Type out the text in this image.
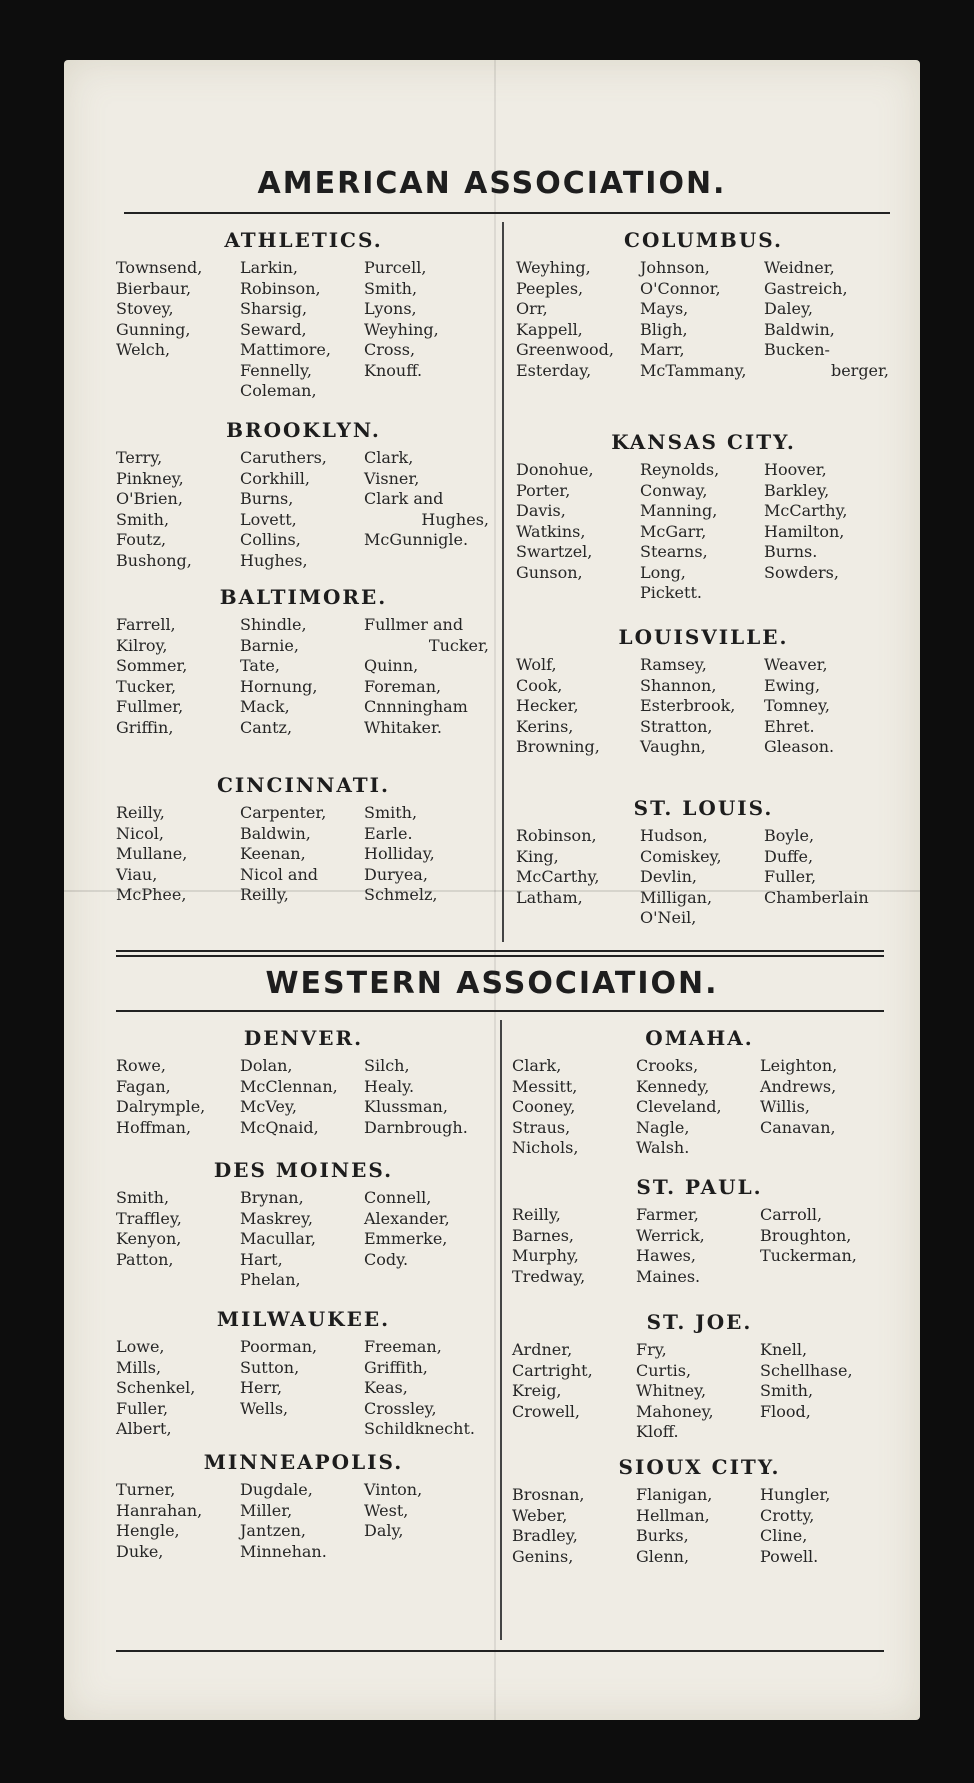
AMERICAN ASSOCIATION.
WESTERN ASSOCIATION.
ATHLETICS.
Townsend,
Bierbaur,
Stovey,
Gunning,
Welch,
Larkin,
Robinson,
Sharsig,
Seward,
Mattimore,
Fennelly,
Coleman,
Purcell,
Smith,
Lyons,
Weyhing,
Cross,
Knouff.
BROOKLYN.
Terry,
Pinkney,
O'Brien,
Smith,
Foutz,
Bushong,
Caruthers,
Corkhill,
Burns,
Lovett,
Collins,
Hughes,
Clark,
Visner,
Clark and
Hughes,
McGunnigle.
BALTIMORE.
Farrell,
Kilroy,
Sommer,
Tucker,
Fullmer,
Griffin,
Shindle,
Barnie,
Tate,
Hornung,
Mack,
Cantz,
Fullmer and
Tucker,
Quinn,
Foreman,
Cnnningham
Whitaker.
CINCINNATI.
Reilly,
Nicol,
Mullane,
Viau,
McPhee,
Carpenter,
Baldwin,
Keenan,
Nicol and
Reilly,
Smith,
Earle.
Holliday,
Duryea,
Schmelz,
COLUMBUS.
Weyhing,
Peeples,
Orr,
Kappell,
Greenwood,
Esterday,
Johnson,
O'Connor,
Mays,
Bligh,
Marr,
McTammany,
Weidner,
Gastreich,
Daley,
Baldwin,
Bucken-
berger,
KANSAS CITY.
Donohue,
Porter,
Davis,
Watkins,
Swartzel,
Gunson,
Reynolds,
Conway,
Manning,
McGarr,
Stearns,
Long,
Pickett.
Hoover,
Barkley,
McCarthy,
Hamilton,
Burns.
Sowders,
LOUISVILLE.
Wolf,
Cook,
Hecker,
Kerins,
Browning,
Ramsey,
Shannon,
Esterbrook,
Stratton,
Vaughn,
Weaver,
Ewing,
Tomney,
Ehret.
Gleason.
ST. LOUIS.
Robinson,
King,
McCarthy,
Latham,
Hudson,
Comiskey,
Devlin,
Milligan,
O'Neil,
Boyle,
Duffe,
Fuller,
Chamberlain
DENVER.
Rowe,
Fagan,
Dalrymple,
Hoffman,
Dolan,
McClennan,
McVey,
McQnaid,
Silch,
Healy.
Klussman,
Darnbrough.
DES MOINES.
Smith,
Traffley,
Kenyon,
Patton,
Brynan,
Maskrey,
Macullar,
Hart,
Phelan,
Connell,
Alexander,
Emmerke,
Cody.
MILWAUKEE.
Lowe,
Mills,
Schenkel,
Fuller,
Albert,
Poorman,
Sutton,
Herr,
Wells,
Freeman,
Griffith,
Keas,
Crossley,
Schildknecht.
MINNEAPOLIS.
Turner,
Hanrahan,
Hengle,
Duke,
Dugdale,
Miller,
Jantzen,
Minnehan.
Vinton,
West,
Daly,
OMAHA.
Clark,
Messitt,
Cooney,
Straus,
Nichols,
Crooks,
Kennedy,
Cleveland,
Nagle,
Walsh.
Leighton,
Andrews,
Willis,
Canavan,
ST. PAUL.
Reilly,
Barnes,
Murphy,
Tredway,
Farmer,
Werrick,
Hawes,
Maines.
Carroll,
Broughton,
Tuckerman,
ST. JOE.
Ardner,
Cartright,
Kreig,
Crowell,
Fry,
Curtis,
Whitney,
Mahoney,
Kloff.
Knell,
Schellhase,
Smith,
Flood,
SIOUX CITY.
Brosnan,
Weber,
Bradley,
Genins,
Flanigan,
Hellman,
Burks,
Glenn,
Hungler,
Crotty,
Cline,
Powell.
